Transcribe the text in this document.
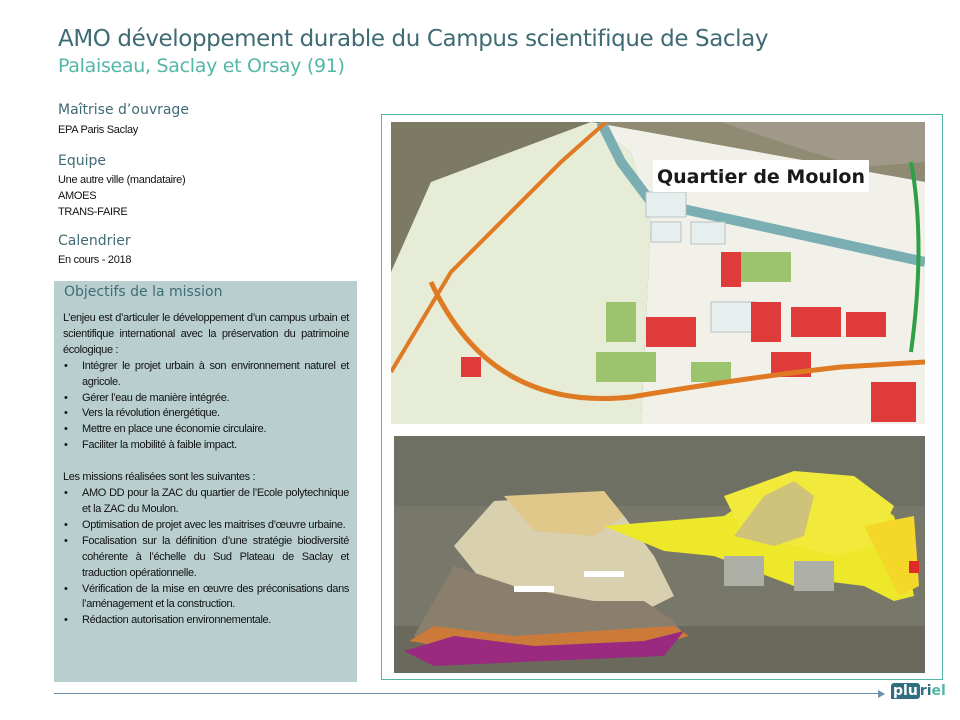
AMO développement durable du Campus scientifique de Saclay
Palaiseau, Saclay et Orsay (91)
Maîtrise d’ouvrage
EPA Paris Saclay
Equipe
Une autre ville (mandataire)
AMOES
TRANS-FAIRE
Calendrier
En cours - 2018
Objectifs de la mission

L’enjeu est d’articuler le développement d’un campus urbain et scientifique international avec la préservation du patrimoine écologique :

• Intégrer le projet urbain à son environnement naturel et agricole.
• Gérer l’eau de manière intégrée.
• Vers la révolution énergétique.
• Mettre en place une économie circulaire.
• Faciliter la mobilité à faible impact.

Les missions réalisées sont les suivantes :

• AMO DD pour la ZAC du quartier de l’Ecole polytechnique et la ZAC du Moulon.
• Optimisation de projet avec les maitrises d’œuvre urbaine.
• Focalisation sur la définition d’une stratégie biodiversité cohérente à l’échelle du Sud Plateau de Saclay et traduction opérationnelle.
• Vérification de la mise en œuvre des préconisations dans l’aménagement et la construction.
• Rédaction autorisation environnementale.
Quartier de Moulon
plu riel
